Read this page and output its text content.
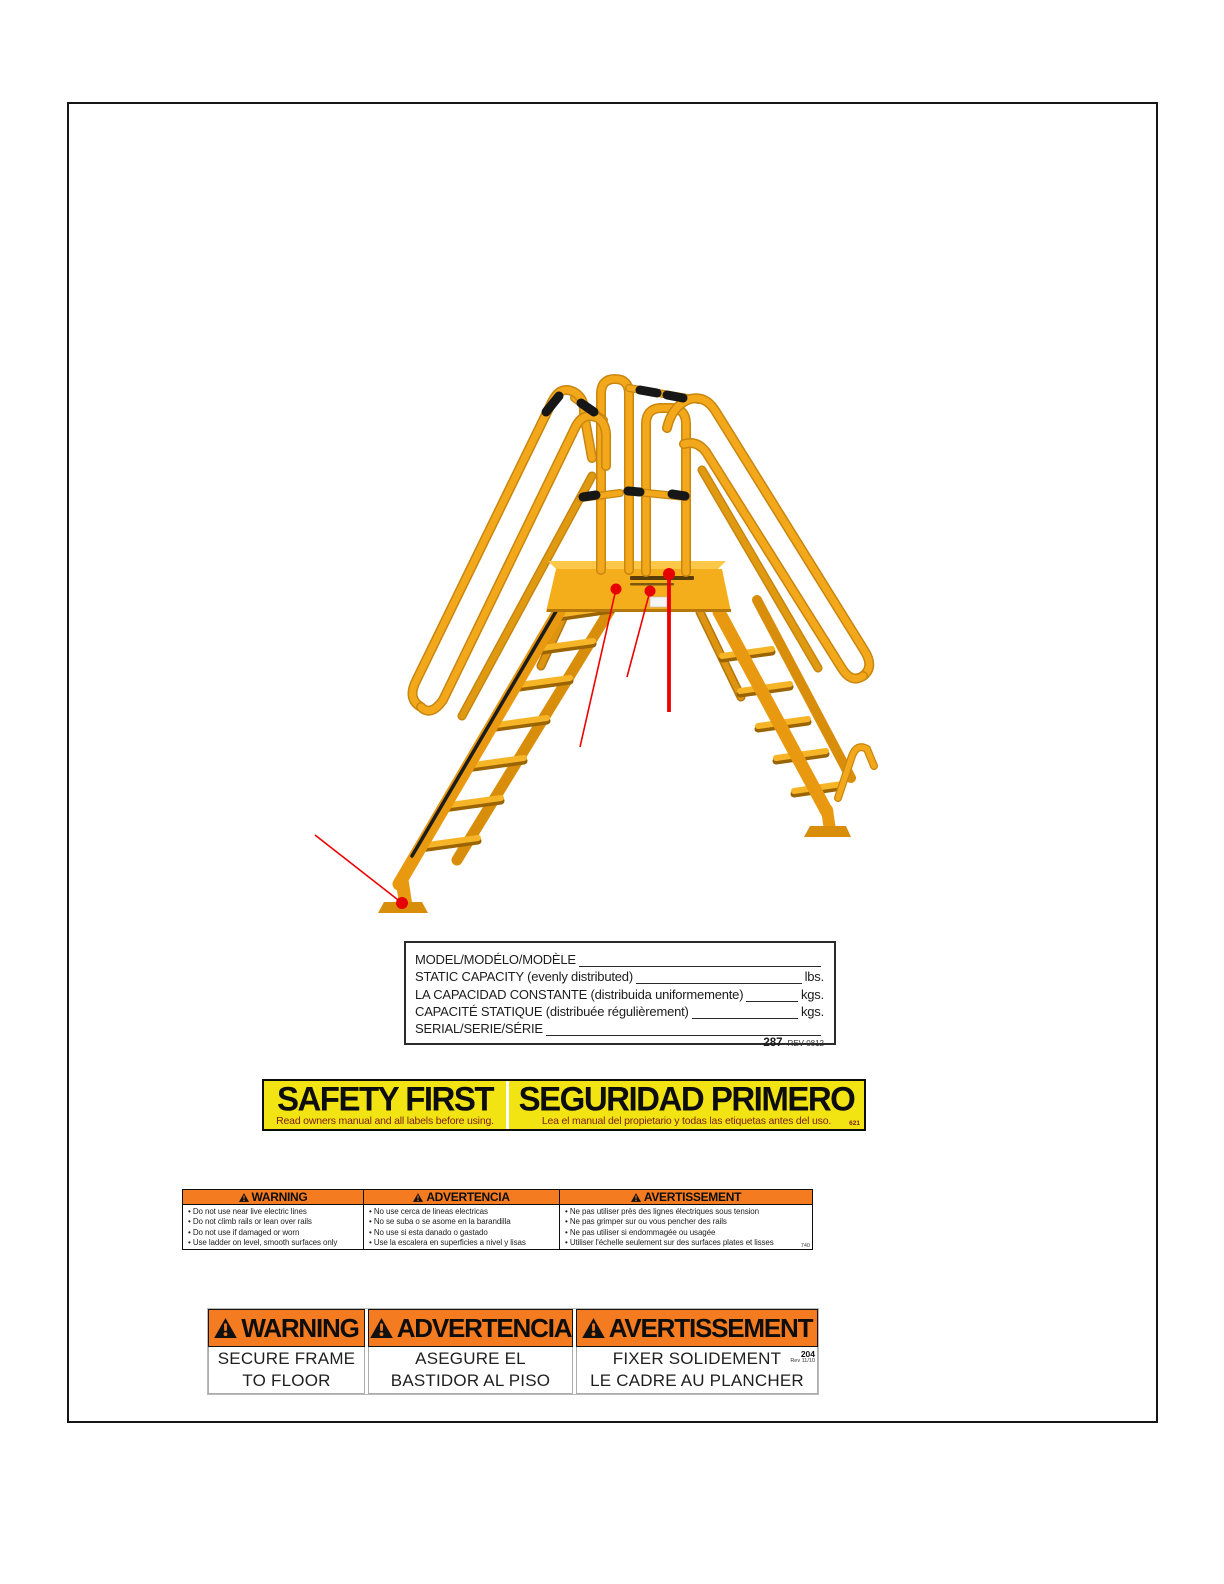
MODEL/MODÉLO/MODÈLE
STATIC CAPACITY (evenly distributed)	lbs.
LA CAPACIDAD CONSTANTE (distribuida uniformemente)	kgs.
CAPACITÉ STATIQUE (distribuée régulièrement)	kgs.
SERIAL/SERIE/SÉRIE
287 REV 0812
SAFETY FIRST
Read owners manual and all labels before using.
SEGURIDAD PRIMERO
Lea el manual del propietario y todas las etiquetas antes del uso.	621
WARNING
• Do not use near live electric lines
• Do not climb rails or lean over rails
• Do not use if damaged or worn
• Use ladder on level, smooth surfaces only
ADVERTENCIA
• No use cerca de lineas electricas
• No se suba o se asome en la barandilla
• No use si esta danado o gastado
• Use la escalera en superficies a nivel y lisas
AVERTISSEMENT
• Ne pas utiliser près des lignes électriques sous tension
• Ne pas grimper sur ou vous pencher des rails
• Ne pas utiliser si endommagée ou usagée
• Utiliser l'échelle seulement sur des surfaces plates et lisses	740
WARNING
SECURE FRAME
TO FLOOR
ADVERTENCIA
ASEGURE EL
BASTIDOR AL PISO
AVERTISSEMENT
FIXER SOLIDEMENT
LE CADRE AU PLANCHER
204
Rev 11/10
